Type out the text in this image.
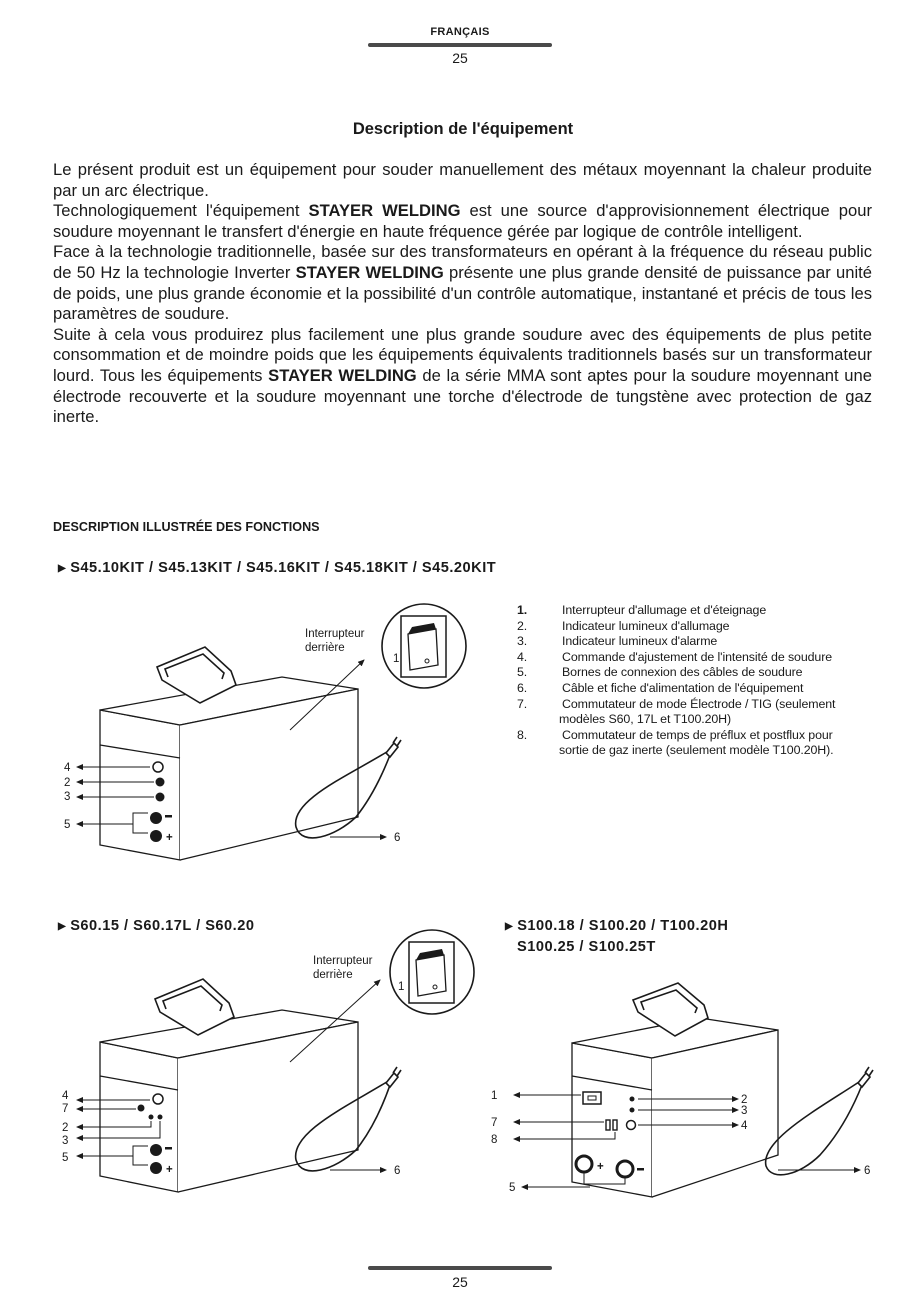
FRANÇAIS
25
Description de l'équipement

Le présent produit est un équipement pour souder manuellement des métaux moyennant la chaleur produite par un arc électrique.

Technologiquement l'équipement STAYER WELDING est une source d'approvisionnement électrique pour soudure moyennant le transfert d'énergie en haute fréquence gérée par logique de contrôle intelligent.

Face à la technologie traditionnelle, basée sur des transformateurs en opérant à la fréquence du réseau public de 50 Hz la technologie Inverter STAYER WELDING présente une plus grande densité de puissance par unité de poids, une plus grande économie et la possibilité d'un contrôle automatique, instantané et précis de tous les paramètres de soudure.

Suite à cela vous produirez plus facilement une plus grande soudure avec des équipements de plus petite consommation et de moindre poids que les équipements équivalents traditionnels basés sur un transformateur lourd. Tous les équipements STAYER WELDING de la série MMA sont aptes pour la soudure moyennant une électrode recouverte et la soudure moyennant une torche d'électrode de tungstène avec protection de gaz inerte.

DESCRIPTION ILLUSTRÉE DES FONCTIONS
▶ S45.10KIT / S45.13KIT / S45.16KIT / S45.18KIT / S45.20KIT
▶ S60.15 / S60.17L / S60.20	▶ S100.18 / S100.20 / T100.20H
S100.25 / S100.25T
1.	Interrupteur d'allumage et d'éteignage
2.	Indicateur lumineux d'allumage
3.	Indicateur lumineux d'alarme
4.	Commande d'ajustement de l'intensité de soudure
5.	Bornes de connexion des câbles de soudure
6.	Câble et fiche d'alimentation de l'équipement
7.	Commutateur de mode Électrode / TIG (seulement
modèles S60, 17L et T100.20H)
8.	Commutateur de temps de préflux et postflux pour
sortie de gaz inerte (seulement modèle T100.20H).
+
Interrupteur
derrière
1
4
2
3
5
6
+
Interrupteur
derrière
1
4
7
2
3
5
6	+
1
7
8
5
2
3
4
6
25
